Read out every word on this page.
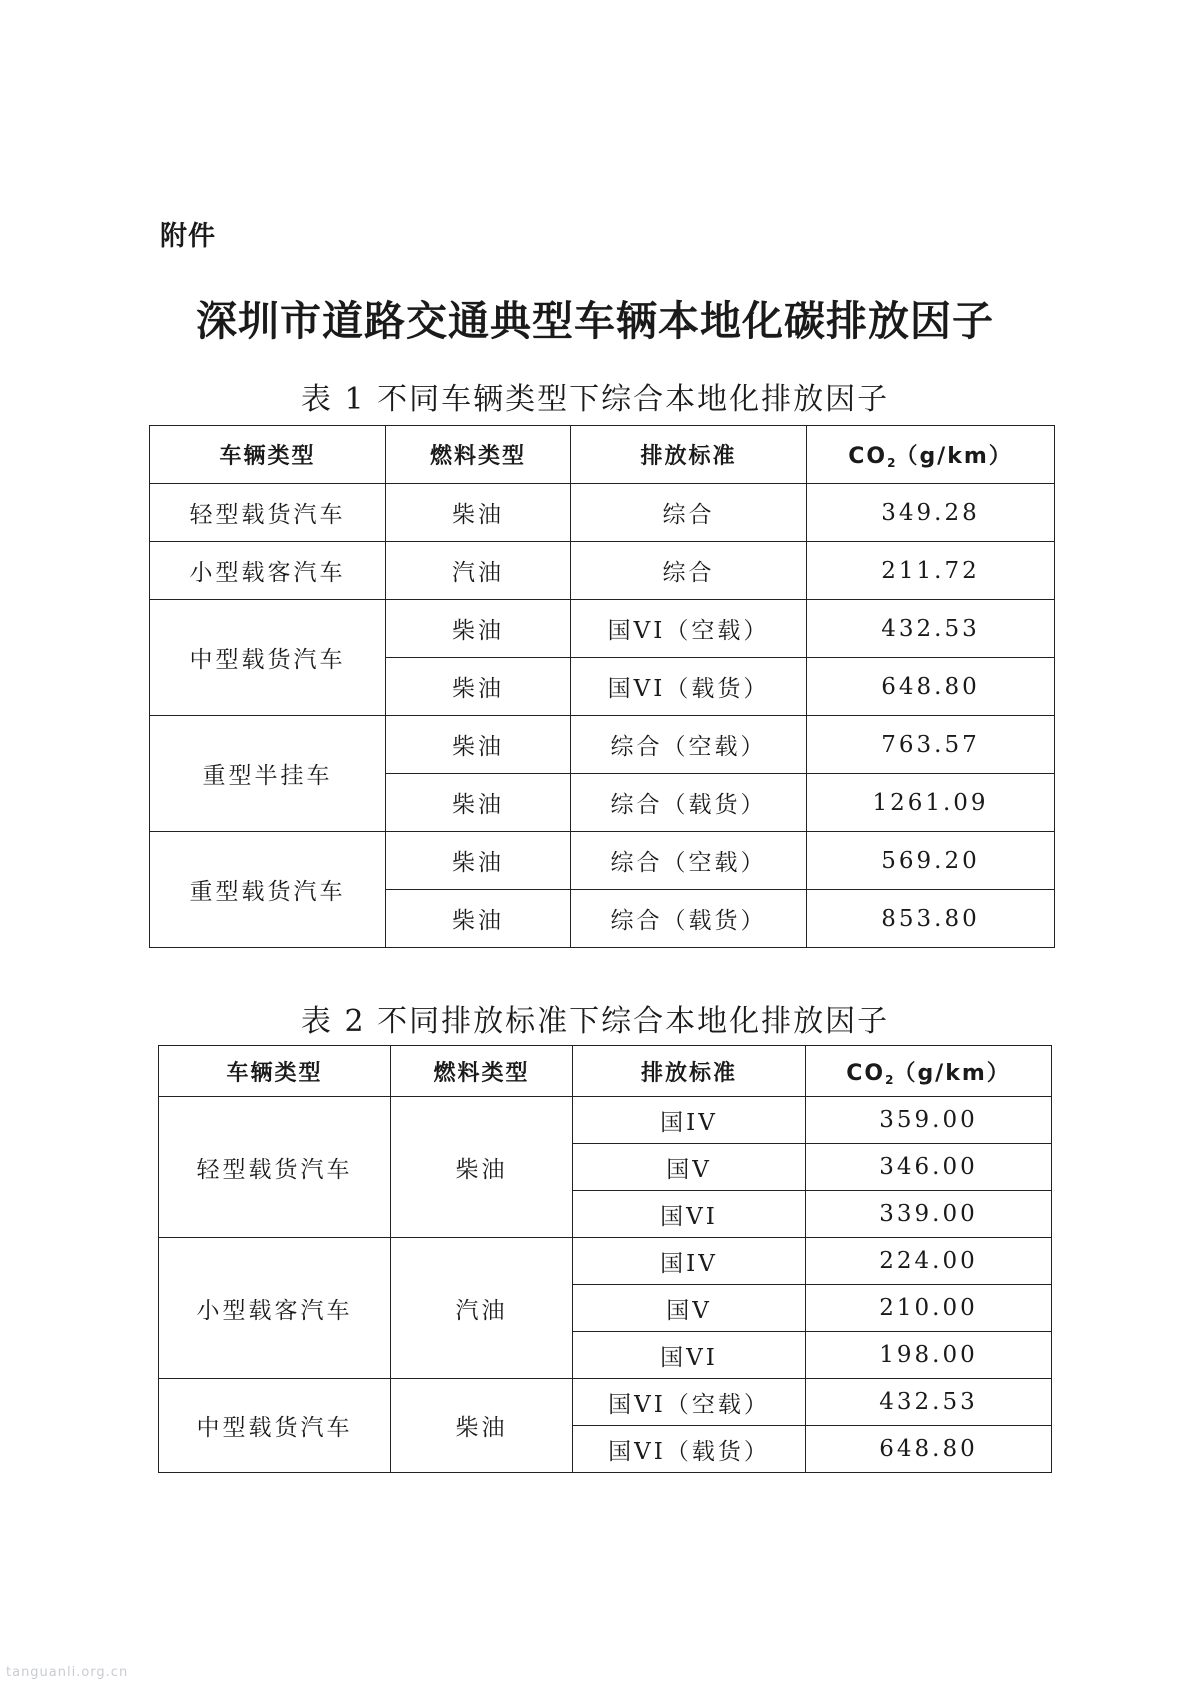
附件
深圳市道路交通典型车辆本地化碳排放因子

表 1 不同车辆类型下综合本地化排放因子

车辆类型	燃料类型	排放标准	$CO_2(g/km)$
轻型载货汽车	柴油	综合	349.28
小型载客汽车	汽油	综合	211.72
中型载货汽车	柴油	国VI（空载）	432.53
	柴油	国VI（载货）	648.80
重型半挂车	柴油	综合（空载）	763.57
	柴油	综合（载货）	1261.09
重型载货汽车	柴油	综合（空载）	569.20
	柴油	综合（载货）	853.80

表 2 不同排放标准下综合本地化排放因子

车辆类型	燃料类型	排放标准	$CO_2(g/km)$
轻型载货汽车	柴油	国IV	359.00
		国V	346.00
		国VI	339.00
小型载客汽车	汽油	国IV	224.00
		国V	210.00
		国VI	198.00
中型载货汽车	柴油	国VI（空载）	432.53
		国VI（载货）	648.80
tanguanli.org.cn
